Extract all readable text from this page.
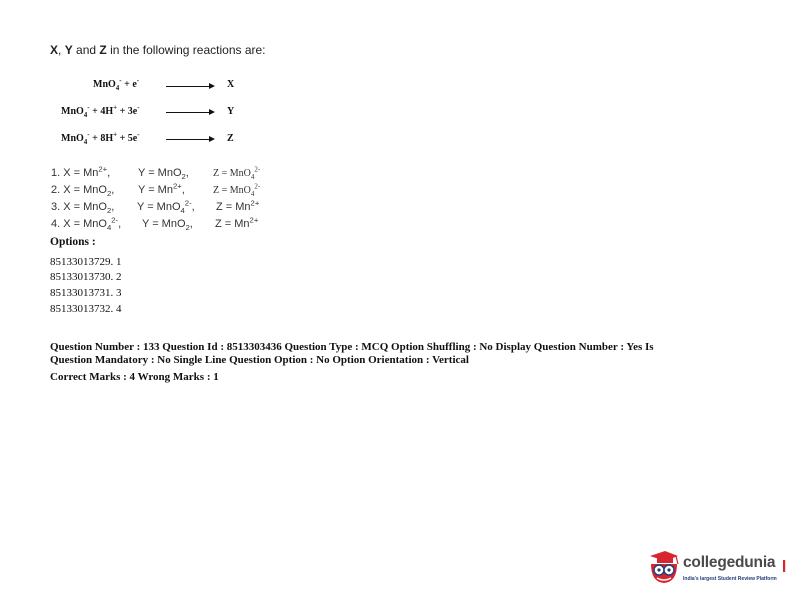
X, Y and Z in the following reactions are:
MnO$_4$- + e- → X
MnO$_4$- + 4H+ + 3e- → Y
MnO$_4$- + 8H+ + 5e- → Z
1. $X = Mn^{2+}$,	Y = MnO$_2$, Z = MnO$_4^{2-}$
2. X = MnO$_2$, $Y = Mn^{2+}$,	Z = MnO$_4^{2-}$
3. X = MnO$_2$, Y = MnO$_4^{2-}$, $Z = Mn^{2+}$
4. X = MnO$_4^{2-}$, Y = MnO$_2$, $Z = Mn^{2+}$
Options :
85133013729. 1
85133013730. 2
85133013731. 3
85133013732. 4
Question Number : 133 Question Id : 8513303436 Question Type : MCQ Option Shuffling : No Display Question Number : Yes Is
Question Mandatory : No Single Line Question Option : No Option Orientation : Vertical
Correct Marks : 4 Wrong Marks : 1
collegedunia
India's largest Student Review Platform
